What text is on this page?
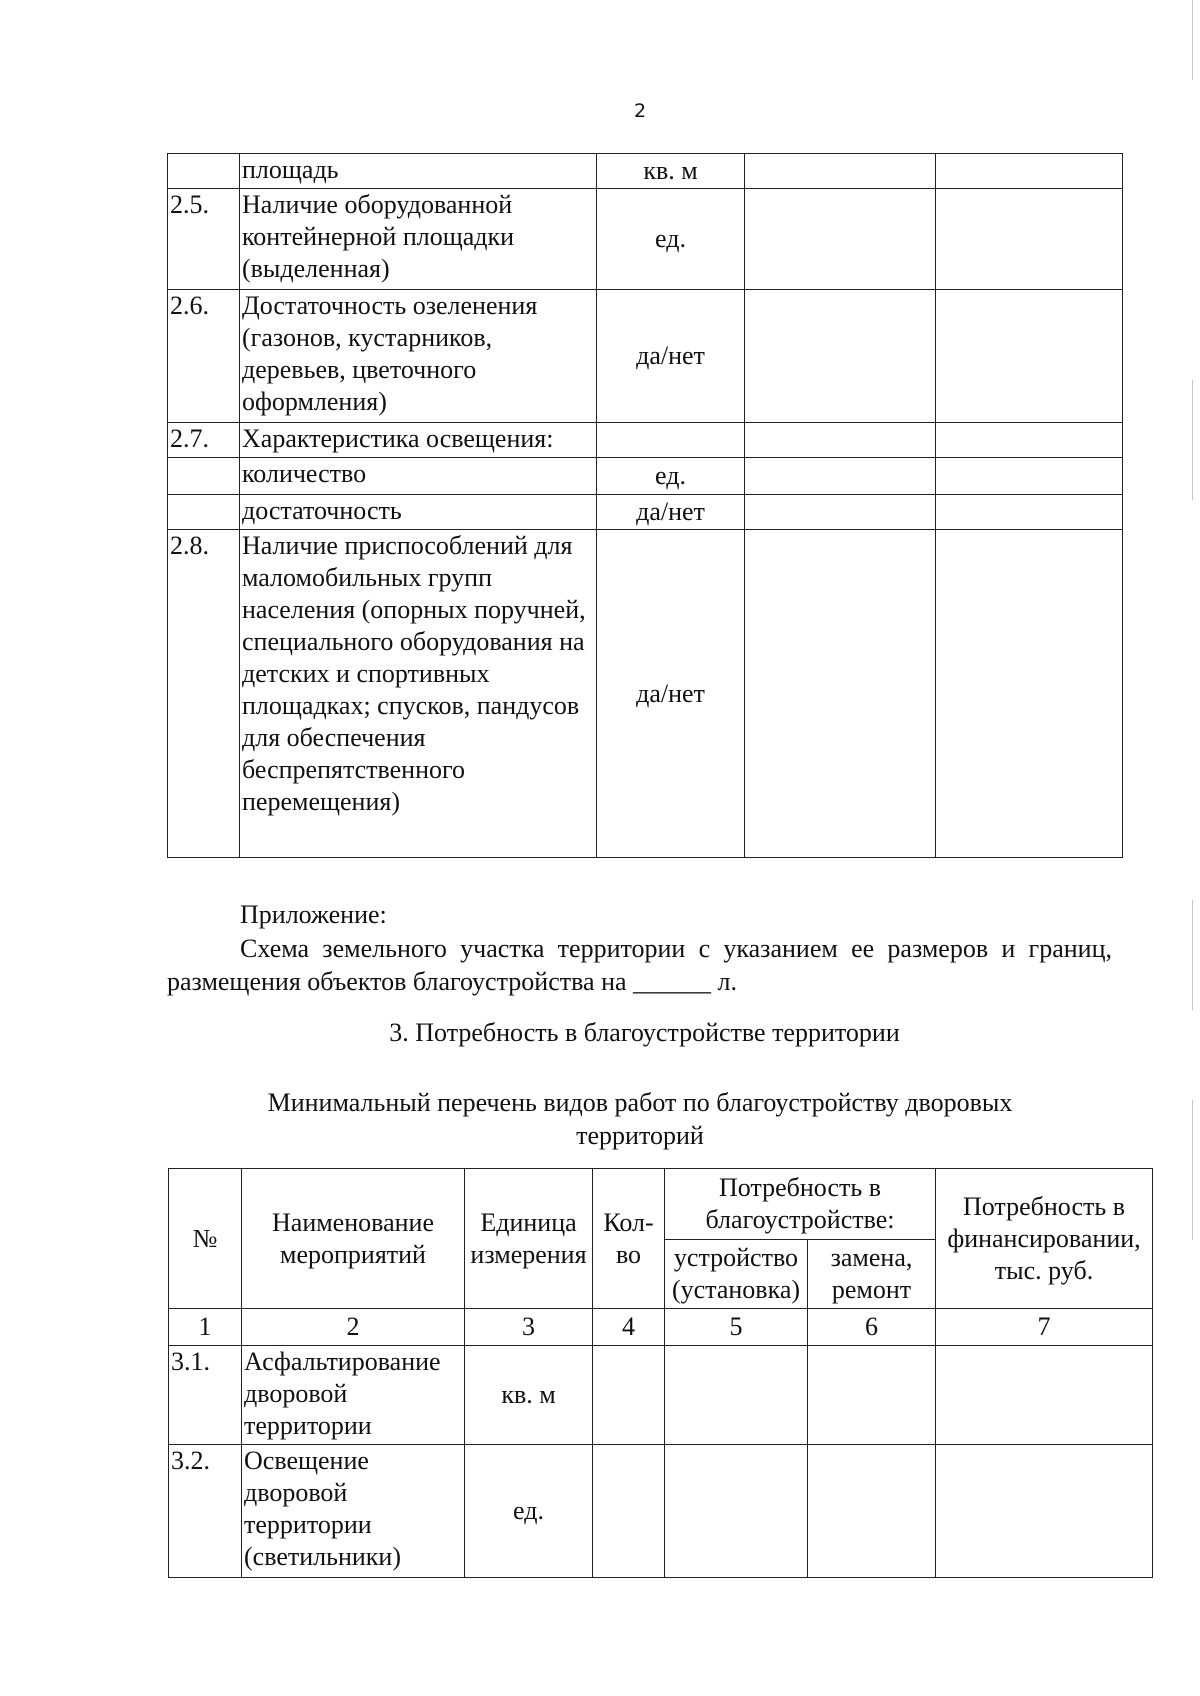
2
	площадь	кв. м		
2.5.	Наличие оборудованной контейнерной площадки (выделенная)	ед.		
2.6.	Достаточность озеленения (газонов, кустарников, деревьев, цветочного оформления)	да/нет		
2.7.	Характеристика освещения:			
	количество	ед.		
	достаточность	да/нет		
2.8.	Наличие приспособлений для маломобильных групп населения (опорных поручней, специального оборудования на детских и спортивных площадках; спусков, пандусов для обеспечения беспрепятственного перемещения)	да/нет		
Приложение:
Схема земельного участка территории с указанием ее размеров и границ, размещения объектов благоустройства на ______ л.
3. Потребность в благоустройстве территории
Минимальный перечень видов работ по благоустройству дворовых территорий
№	Наименование мероприятий	Единица измерения	Кол-во	Потребность в благоустройстве:		Потребность в финансировании, тыс. руб.
				устройство (установка)	замена, ремонт	
1	2	3	4	5	6	7
3.1.	Асфальтирование дворовой территории	кв. м				
3.2.	Освещение дворовой территории (светильники)	ед.				
